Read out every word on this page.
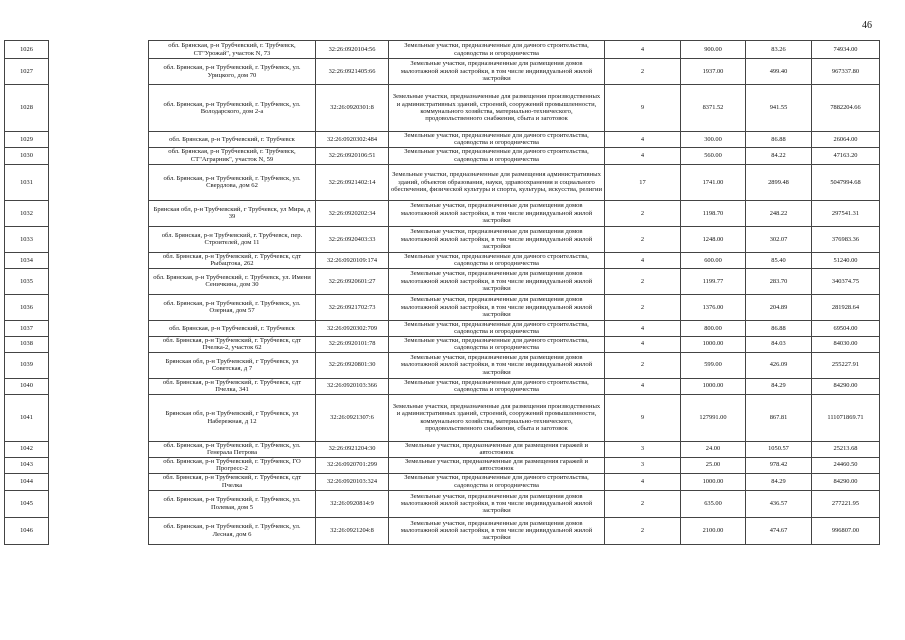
46
1026		обл. Брянская, р-н Трубчевский, г. Трубчевск, СТ"Урожай", участок N, 73	32:26:0920104:56	Земельные участки, предназначенные для дачного строительства, садоводства и огородничества	4	900.00	83.26	74934.00
1027		обл. Брянская, р-н Трубчевский, г. Трубчевск, ул. Урицкого, дом 70	32:26:0921405:66	Земельные участки, предназначенные для размещения домов малоэтажной жилой застройки, в том числе индивидуальной жилой застройки	2	1937.00	499.40	967337.80
1028		обл. Брянская, р-н Трубчевский, г. Трубчевск, ул. Володарского, дом 2-а	32:26:0920301:8	Земельные участки, предназначенные для размещения производственных и административных зданий, строений, сооружений промышленности, коммунального хозяйства, материально-технического, продовольственного снабжения, сбыта и заготовок	9	8371.52	941.55	7882204.66
1029		обл. Брянская, р-н Трубчевский, г. Трубчевск	32:26:0920302:484	Земельные участки, предназначенные для дачного строительства, садоводства и огородничества	4	300.00	86.88	26064.00
1030		обл. Брянская, р-н Трубчевский, г. Трубчевск, СТ"Аграрник", участок N, 59	32:26:0920106:51	Земельные участки, предназначенные для дачного строительства, садоводства и огородничества	4	560.00	84.22	47163.20
1031		обл. Брянская, р-н Трубчевский, г. Трубчевск, ул. Свердлова, дом 62	32:26:0921402:14	Земельные участки, предназначенные для размещения административных зданий, объектов образования, науки, здравоохранения и социального обеспечения, физической культуры и спорта, культуры, искусства, религии	17	1741.00	2899.48	5047994.68
1032		Брянская обл, р-н Трубчевский, г Трубчевск, ул Мира, д 39	32:26:0920202:34	Земельные участки, предназначенные для размещения домов малоэтажной жилой застройки, в том числе индивидуальной жилой застройки	2	1198.70	248.22	297541.31
1033		обл. Брянская, р-н Трубчевский, г. Трубчевск, пер. Строителей, дом 11	32:26:0920403:33	Земельные участки, предназначенные для размещения домов малоэтажной жилой застройки, в том числе индивидуальной жилой застройки	2	1248.00	302.07	376983.36
1034		обл. Брянская, р-н Трубчевский, г. Трубчевск, cдт Рыбацтока, 262	32:26:0920109:174	Земельные участки, предназначенные для дачного строительства, садоводства и огородничества	4	600.00	85.40	51240.00
1035		обл. Брянская, р-н Трубчевский, г. Трубчевск, ул. Имени Сеничкина, дом 30	32:26:0920601:27	Земельные участки, предназначенные для размещения домов малоэтажной жилой застройки, в том числе индивидуальной жилой застройки	2	1199.77	283.70	340374.75
1036		обл. Брянская, р-н Трубчевский, г. Трубчевск, ул. Озерная, дом 57	32:26:0921702:73	Земельные участки, предназначенные для размещения домов малоэтажной жилой застройки, в том числе индивидуальной жилой застройки	2	1376.00	204.89	281928.64
1037		обл. Брянская, р-н Трубчевский, г. Трубчевск	32:26:0920302:709	Земельные участки, предназначенные для дачного строительства, садоводства и огородничества	4	800.00	86.88	69504.00
1038		обл. Брянская, р-н Трубчевский, г. Трубчевск, cдт Пчелка-2, участок 62	32:26:0920101:78	Земельные участки, предназначенные для дачного строительства, садоводства и огородничества	4	1000.00	84.03	84030.00
1039		Брянская обл, р-н Трубчевский, г Трубчевск, ул Советская, д 7	32:26:0920801:30	Земельные участки, предназначенные для размещения домов малоэтажной жилой застройки, в том числе индивидуальной жилой застройки	2	599.00	426.09	255227.91
1040		обл. Брянская, р-н Трубчевский, г. Трубчевск, cдт Пчелка, 341	32:26:0920103:366	Земельные участки, предназначенные для дачного строительства, садоводства и огородничества	4	1000.00	84.29	84290.00
1041		Брянская обл, р-н Трубчевский, г Трубчевск, ул Набережная, д 12	32:26:0921307:6	Земельные участки, предназначенные для размещения производственных и административных зданий, строений, сооружений промышленности, коммунального хозяйства, материально-технического, продовольственного снабжения, сбыта и заготовок	9	127991.00	867.81	111071869.71
1042		обл. Брянская, р-н Трубчевский, г. Трубчевск, ул. Генерала Петрова	32:26:0921204:30	Земельные участки, предназначенные для размещения гаражей и автостоянок	3	24.00	1050.57	25213.68
1043		обл. Брянская, р-н Трубчевский, г. Трубчевск, ГО Прогресс-2	32:26:0920701:299	Земельные участки, предназначенные для размещения гаражей и автостоянок	3	25.00	978.42	24460.50
1044		обл. Брянская, р-н Трубчевский, г. Трубчевск, cдт Пчелка	32:26:0920103:324	Земельные участки, предназначенные для дачного строительства, садоводства и огородничества	4	1000.00	84.29	84290.00
1045		обл. Брянская, р-н Трубчевский, г. Трубчевск, ул. Полевая, дом 5	32:26:0920814:9	Земельные участки, предназначенные для размещения домов малоэтажной жилой застройки, в том числе индивидуальной жилой застройки	2	635.00	436.57	277221.95
1046		обл. Брянская, р-н Трубчевский, г. Трубчевск, ул. Лесная, дом 6	32:26:0921204:8	Земельные участки, предназначенные для размещения домов малоэтажной жилой застройки, в том числе индивидуальной жилой застройки	2	2100.00	474.67	996807.00
